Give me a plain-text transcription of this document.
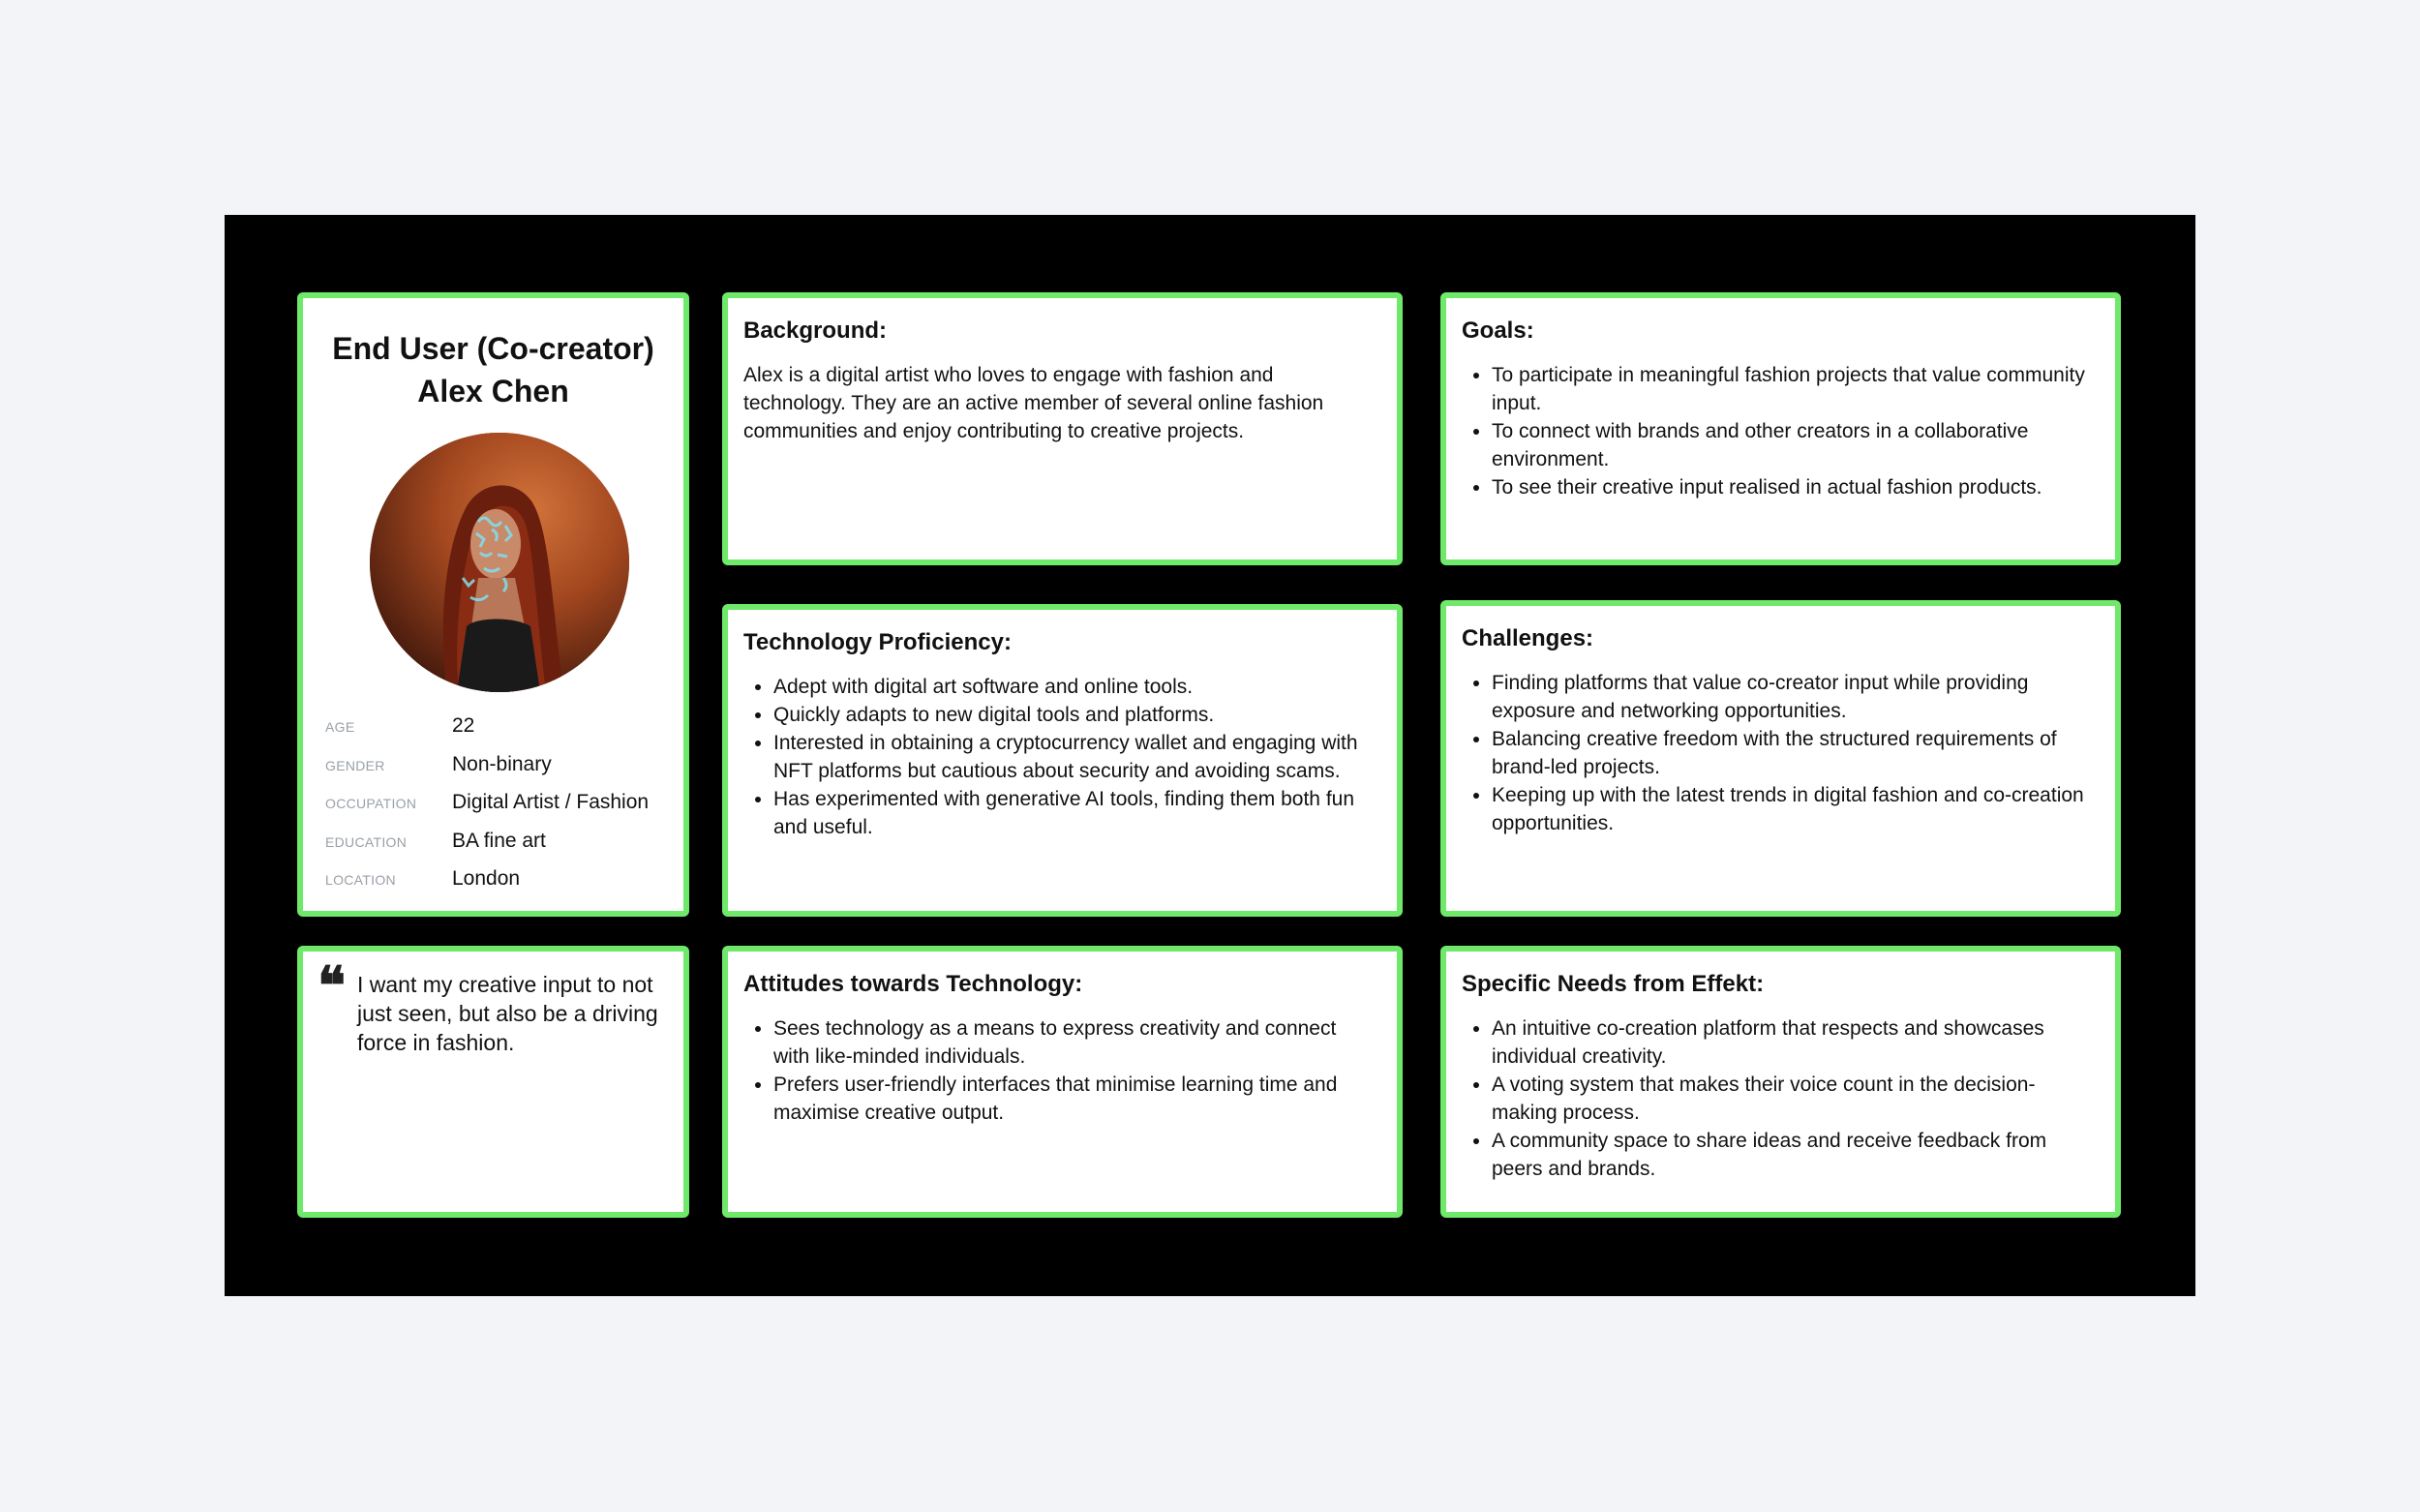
End User (Co-creator)
Alex Chen
AGE	22
GENDER	Non-binary
OCCUPATION	Digital Artist / Fashion
EDUCATION	BA fine art
LOCATION	London
❝ I want my creative input to not just seen, but also be a driving force in fashion.
Background:

Alex is a digital artist who loves to engage with fashion and technology. They are an active member of several online fashion communities and enjoy contributing to creative projects.

Goals:
• To participate in meaningful fashion projects that value community input.
• To connect with brands and other creators in a collaborative environment.
• To see their creative input realised in actual fashion products.
Technology Proficiency:
• Adept with digital art software and online tools.
• Quickly adapts to new digital tools and platforms.
• Interested in obtaining a cryptocurrency wallet and engaging with NFT platforms but cautious about security and avoiding scams.
• Has experimented with generative AI tools, finding them both fun and useful.
Challenges:
• Finding platforms that value co-creator input while providing exposure and networking opportunities.
• Balancing creative freedom with the structured requirements of brand-led projects.
• Keeping up with the latest trends in digital fashion and co-creation opportunities.
Attitudes towards Technology:
• Sees technology as a means to express creativity and connect with like-minded individuals.
• Prefers user-friendly interfaces that minimise learning time and maximise creative output.
Specific Needs from Effekt:
• An intuitive co-creation platform that respects and showcases individual creativity.
• A voting system that makes their voice count in the decision-making process.
• A community space to share ideas and receive feedback from peers and brands.
